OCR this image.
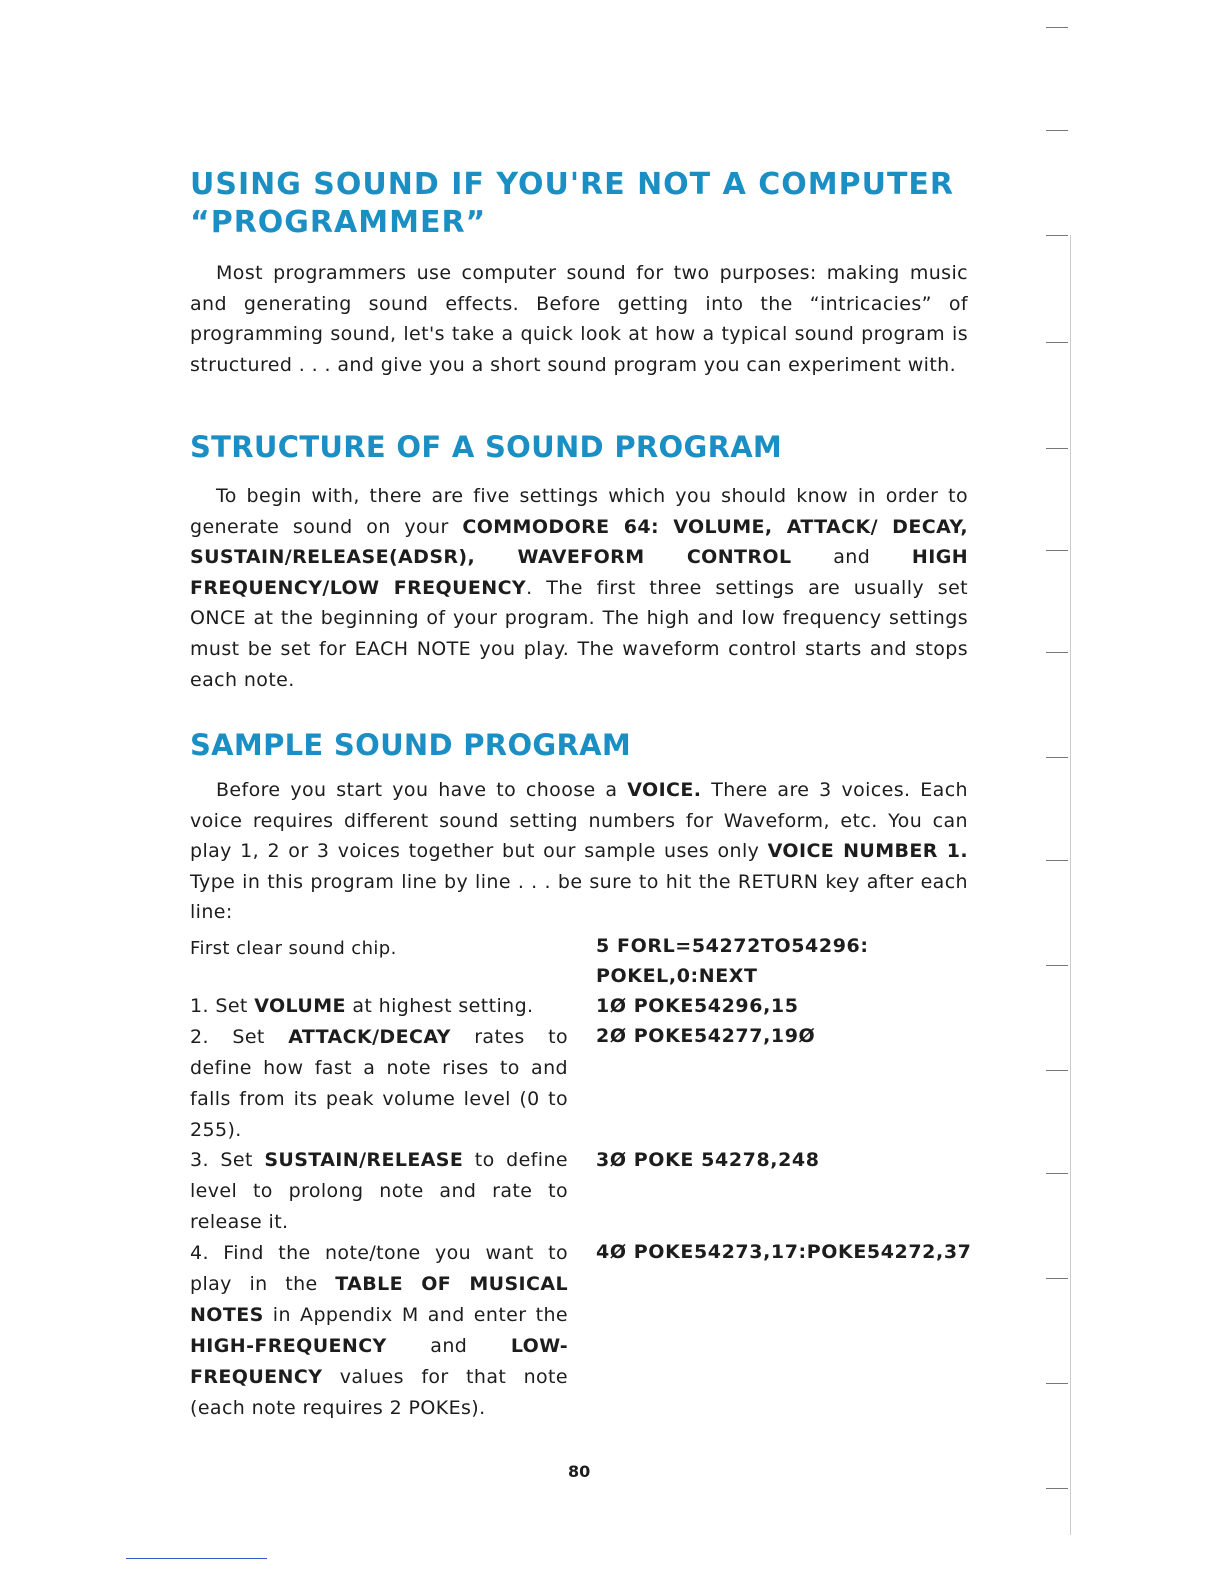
USING SOUND IF YOU'RE NOT A COMPUTER
“PROGRAMMER”

Most programmers use computer sound for two purposes: making music and generating sound effects. Before getting into the “intricacies” of programming sound, let's take a quick look at how a typical sound program is structured . . . and give you a short sound program you can experiment with.

STRUCTURE OF A SOUND PROGRAM

To begin with, there are five settings which you should know in order to generate sound on your COMMODORE 64: VOLUME, ATTACK/ DECAY, SUSTAIN/RELEASE(ADSR), WAVEFORM CONTROL and HIGH FREQUENCY/LOW FREQUENCY. The first three settings are usually set ONCE at the beginning of your program. The high and low frequency settings must be set for EACH NOTE you play. The waveform control starts and stops each note.

SAMPLE SOUND PROGRAM

Before you start you have to choose a VOICE. There are 3 voices. Each voice requires different sound setting numbers for Waveform, etc. You can play 1, 2 or 3 voices together but our sample uses only VOICE NUMBER 1. Type in this program line by line . . . be sure to hit the RETURN key after each line:

First clear sound chip.

1. Set VOLUME at highest setting.

2. Set ATTACK/DECAY rates to define how fast a note rises to and falls from its peak volume level (0 to 255).

3. Set SUSTAIN/RELEASE to define level to prolong note and rate to release it.

4. Find the note/tone you want to play in the TABLE OF MUSICAL NOTES in Appendix M and enter the HIGH-FREQUENCY and LOW-FREQUENCY values for that note (each note requires 2 POKEs).

5 FORL=54272TO54296:
POKEL,0:NEXT
1Ø POKE54296,15
2Ø POKE54277,19Ø
3Ø POKE 54278,248
4Ø POKE54273,17:POKE54272,37
80
